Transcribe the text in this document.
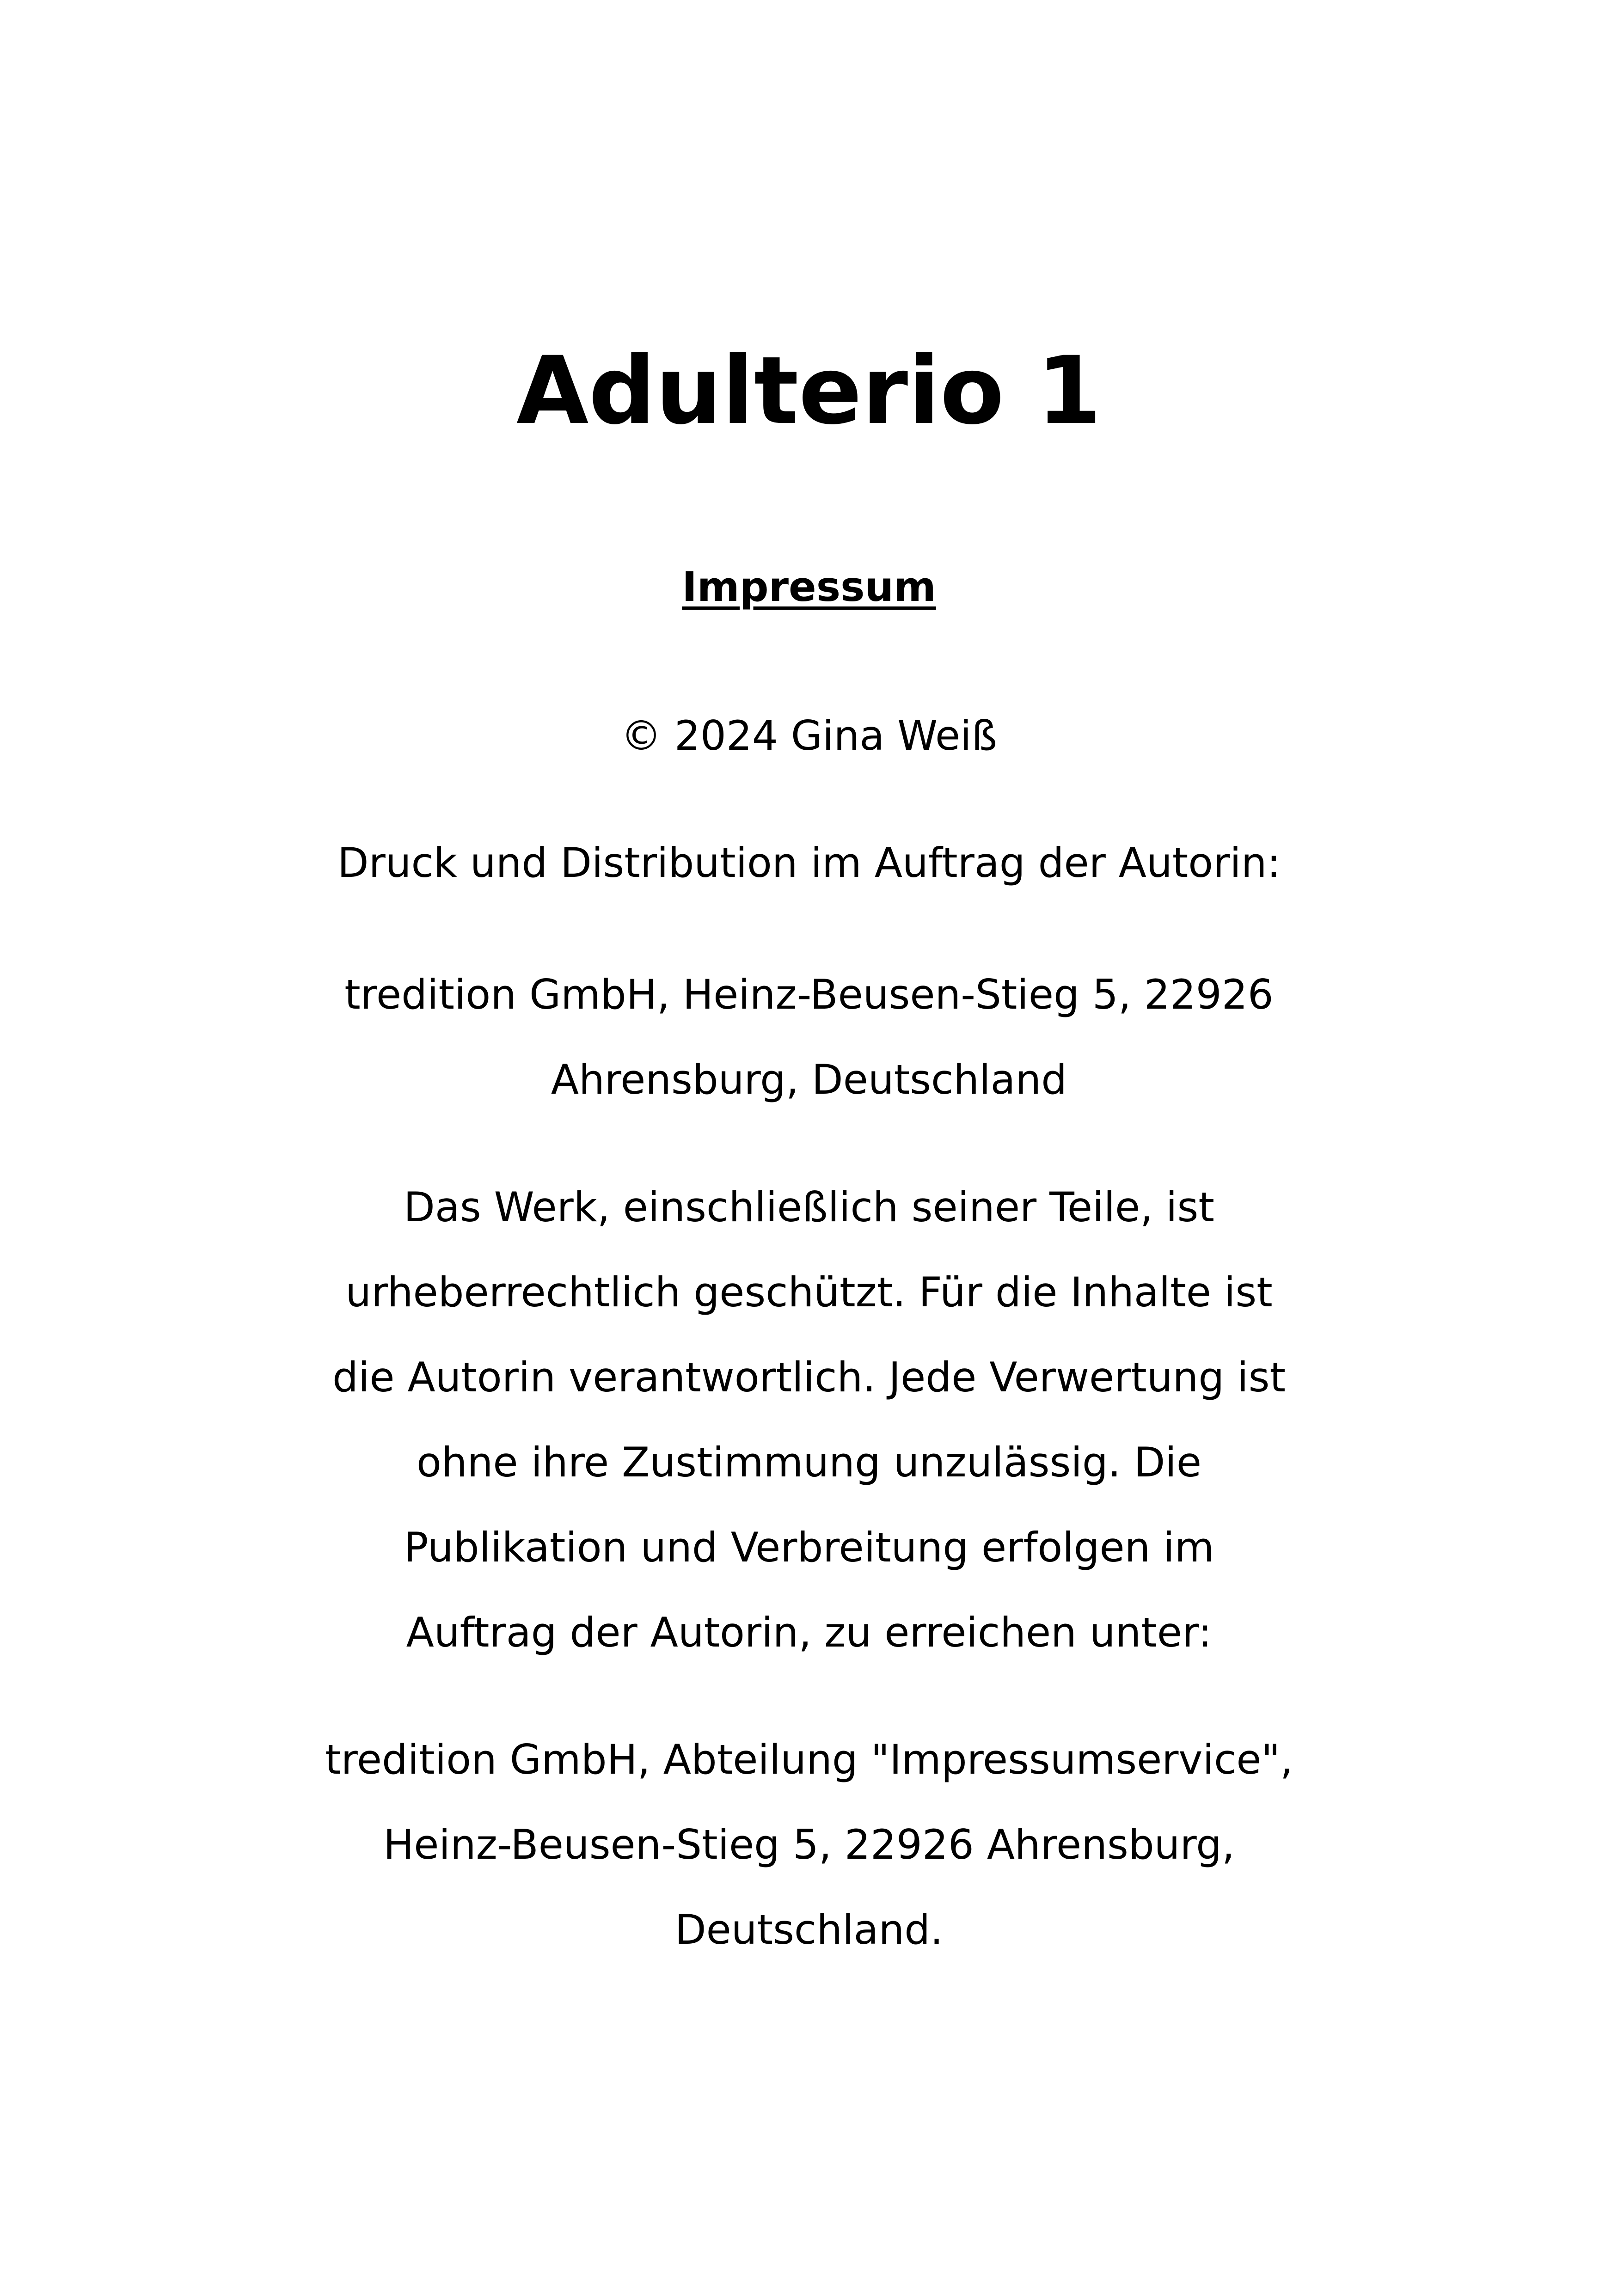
Adulterio 1
Impressum

© 2024 Gina Weiß

Druck und Distribution im Auftrag der Autorin:

tredition GmbH, Heinz-Beusen-Stieg 5, 22926
Ahrensburg, Deutschland

Das Werk, einschließlich seiner Teile, ist
urheberrechtlich geschützt. Für die Inhalte ist
die Autorin verantwortlich. Jede Verwertung ist
ohne ihre Zustimmung unzulässig. Die
Publikation und Verbreitung erfolgen im
Auftrag der Autorin, zu erreichen unter:

tredition GmbH, Abteilung "Impressumservice",
Heinz-Beusen-Stieg 5, 22926 Ahrensburg,
Deutschland.
